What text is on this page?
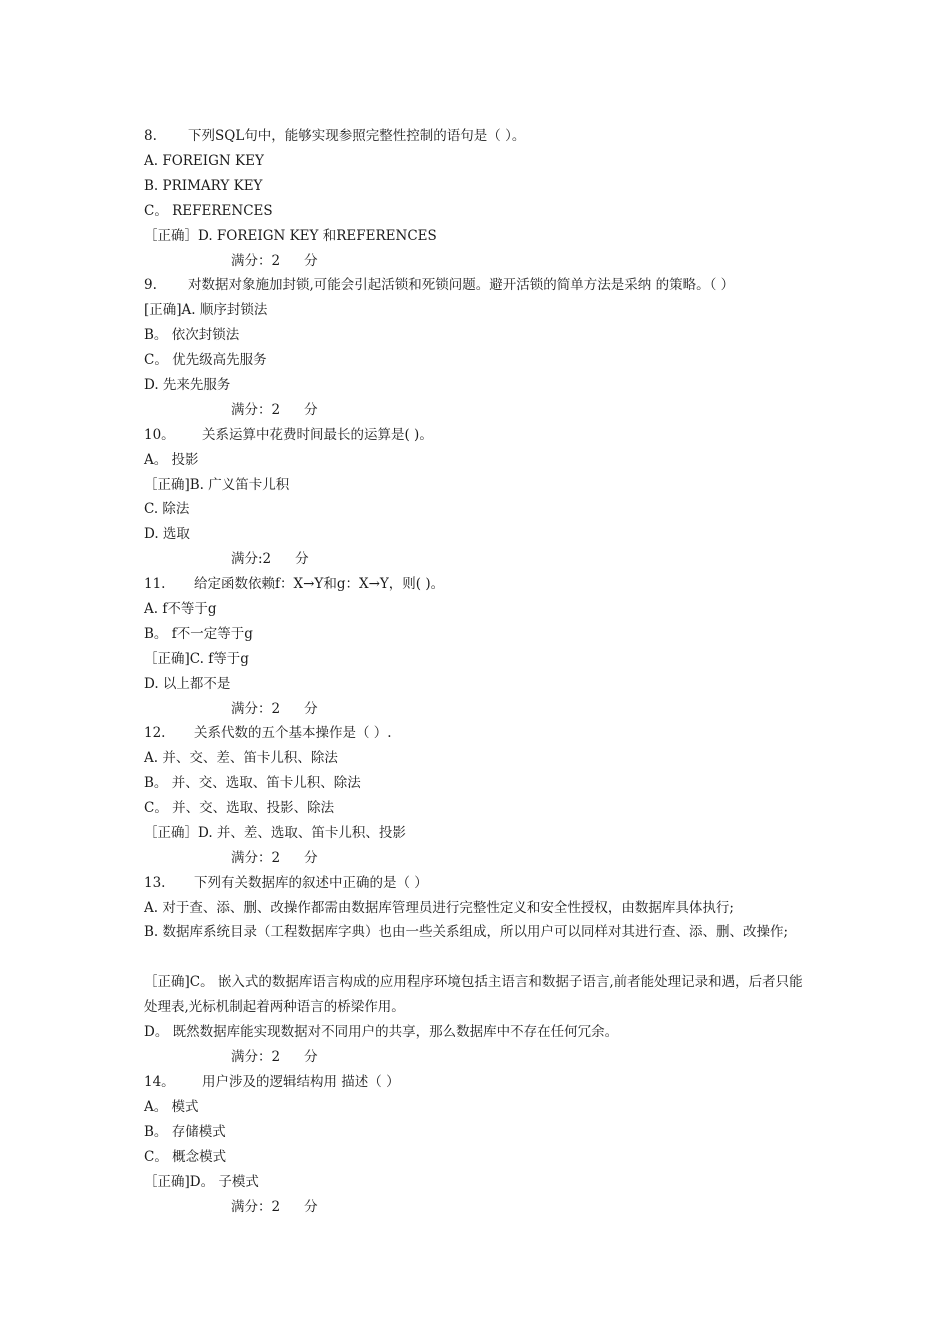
8. 下列SQL句中，能够实现参照完整性控制的语句是（ ）。
A. FOREIGN KEY
B. PRIMARY KEY
C。 REFERENCES
［正确］D. FOREIGN KEY 和REFERENCES
满分：2 分
9. 对数据对象施加封锁,可能会引起活锁和死锁问题。避开活锁的简单方法是采纳 的策略。（ ）
[正确]A. 顺序封锁法
B。 依次封锁法
C。 优先级高先服务
D. 先来先服务
满分：2 分
10。 关系运算中花费时间最长的运算是( )。
A。 投影
［正确]B. 广义笛卡儿积
C. 除法
D. 选取
满分:2 分
11. 给定函数依赖f：X→Y和g：X→Y，则( )。
A. f不等于g
B。 f不一定等于g
［正确]C. f等于g
D. 以上都不是
满分：2 分
12. 关系代数的五个基本操作是（ ）.
A. 并、交、差、笛卡儿积、除法
B。 并、交、选取、笛卡儿积、除法
C。 并、交、选取、投影、除法
［正确］D. 并、差、选取、笛卡儿积、投影
满分：2 分
13. 下列有关数据库的叙述中正确的是（ ）
A. 对于查、添、删、改操作都需由数据库管理员进行完整性定义和安全性授权，由数据库具体执行;
B. 数据库系统目录（工程数据库字典）也由一些关系组成，所以用户可以同样对其进行查、添、删、改操作;
［正确]C。 嵌入式的数据库语言构成的应用程序环境包括主语言和数据子语言,前者能处理记录和遇，后者只能处理表,光标机制起着两种语言的桥梁作用。
D。 既然数据库能实现数据对不同用户的共享，那么数据库中不存在任何冗余。
满分：2 分
14。 用户涉及的逻辑结构用 描述（ ）
A。 模式
B。 存储模式
C。 概念模式
［正确]D。 子模式
满分：2 分
